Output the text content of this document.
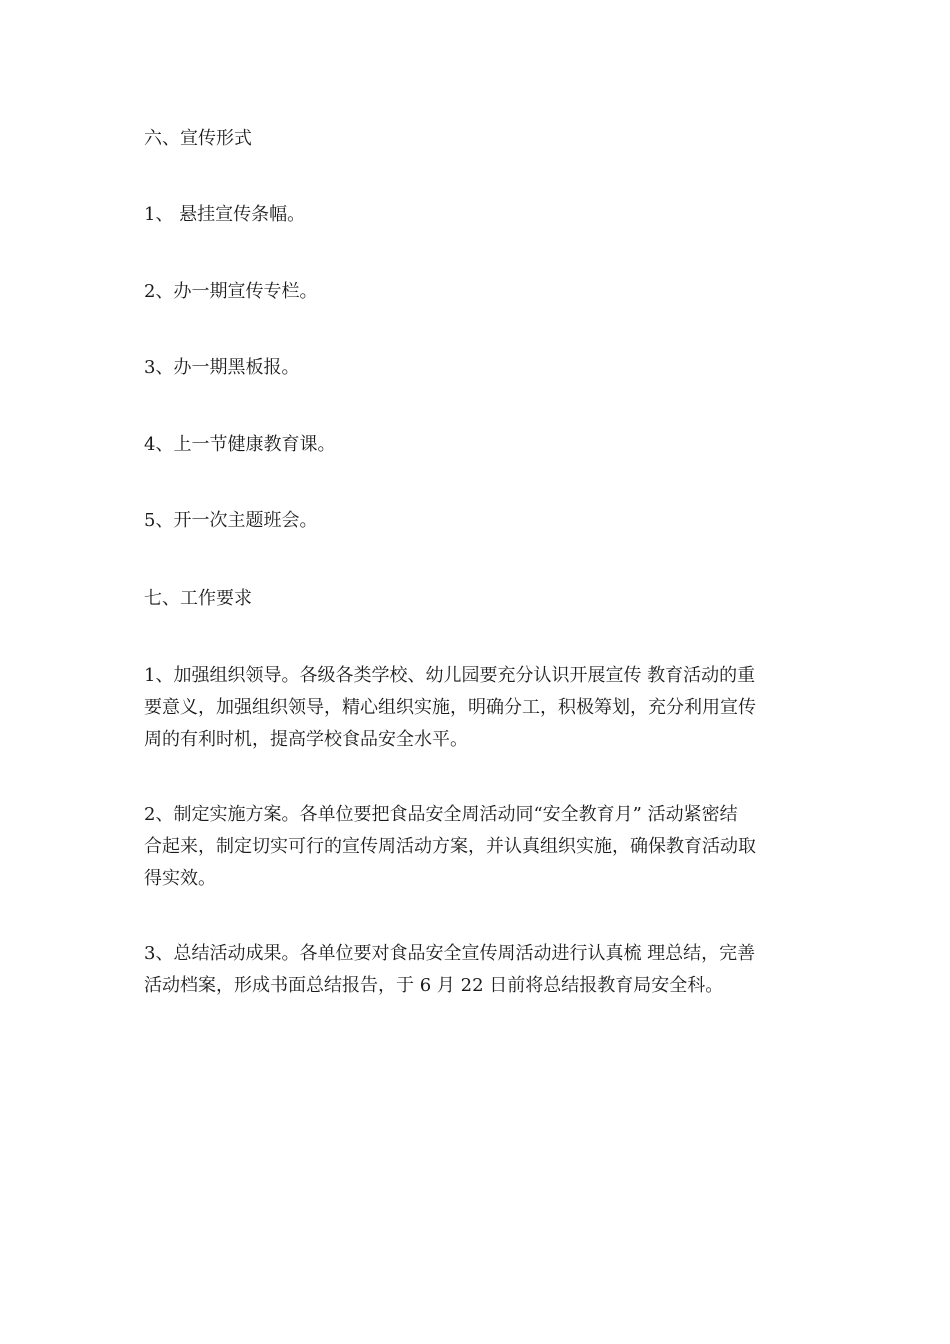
六、宣传形式
1、 悬挂宣传条幅。
2、办一期宣传专栏。
3、办一期黑板报。
4、上一节健康教育课。
5、开一次主题班会。
七、工作要求
1、加强组织领导。各级各类学校、幼儿园要充分认识开展宣传 教育活动的重
要意义，加强组织领导，精心组织实施，明确分工，积极筹划，充分利用宣传
周的有利时机，提高学校食品安全水平。
2、制定实施方案。各单位要把食品安全周活动同“安全教育月” 活动紧密结
合起来，制定切实可行的宣传周活动方案，并认真组织实施，确保教育活动取
得实效。
3、总结活动成果。各单位要对食品安全宣传周活动进行认真梳 理总结，完善
活动档案，形成书面总结报告，于 6 月 22 日前将总结报教育局安全科。
